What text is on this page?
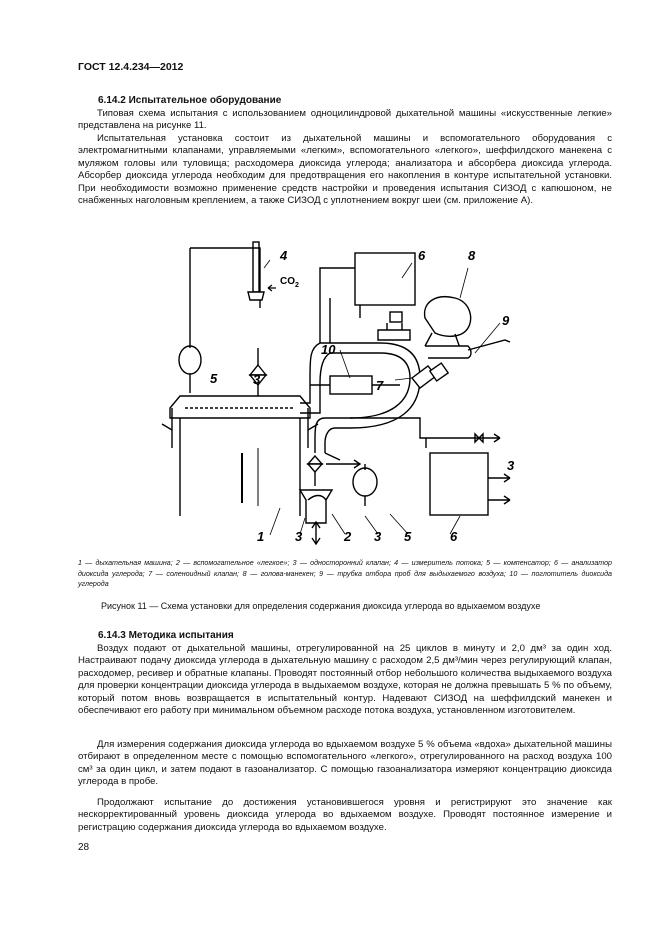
ГОСТ 12.4.234—2012
6.14.2 Испытательное оборудование
Типовая схема испытания с использованием одноцилиндровой дыхательной машины «искусственные легкие» представлена на рисунке 11.
Испытательная установка состоит из дыхательной машины и вспомогательного оборудования с электромагнитными клапанами, управляемыми «легким», вспомогательного «легкого», шеффилдского манекена с муляжом головы или туловища; расходомера диоксида углерода; анализатора и абсорбера диоксида углерода. Абсорбер диоксида углерода необходим для предотвращения его накопления в контуре испытательной установки. При необходимости возможно применение средств настройки и проведения испытания СИЗОД с капюшоном, не снабженных наголовным креплением, а также СИЗОД с уплотнением вокруг шеи (см. приложение А).
1 3	2 3 5	6
5	3
3
4	6	8
9
7
10
$CO_2$
1 — дыхательная машина; 2 — вспомогательное «легкое»; 3 — односторонний клапан; 4 — измеритель потока; 5 — компенсатор; 6 — анализатор диоксида углерода; 7 — соленоидный клапан; 8 — голова-манекен; 9 — трубка отбора проб для выдыхаемого воздуха; 10 — поглотитель диоксида углерода
Рисунок 11 — Схема установки для определения содержания диоксида углерода во вдыхаемом воздухе
6.14.3 Методика испытания
Воздух подают от дыхательной машины, отрегулированной на 25 циклов в минуту и 2,0 дм³ за один ход. Настраивают подачу диоксида углерода в дыхательную машину с расходом 2,5 дм³/мин через регулирующий клапан, расходомер, ресивер и обратные клапаны. Проводят постоянный отбор небольшого количества выдыхаемого воздуха для проверки концентрации диоксида углерода в выдыхаемом воздухе, которая не должна превышать 5 % по объему, который потом вновь возвращается в испытательный контур. Надевают СИЗОД на шеффилдский манекен и обеспечивают его работу при минимальном объемном расходе потока воздуха, установленном изготовителем.
Для измерения содержания диоксида углерода во вдыхаемом воздухе 5 % объема «вдоха» дыхательной машины отбирают в определенном месте с помощью вспомогательного «легкого», отрегулированного на расход воздуха 100 см³ за один цикл, и затем подают в газоанализатор. С помощью газоанализатора измеряют концентрацию диоксида углерода в пробе.
Продолжают испытание до достижения установившегося уровня и регистрируют это значение как нескорректированный уровень диоксида углерода во вдыхаемом воздухе. Проводят постоянное измерение и регистрацию содержания диоксида углерода во вдыхаемом воздухе.
28
